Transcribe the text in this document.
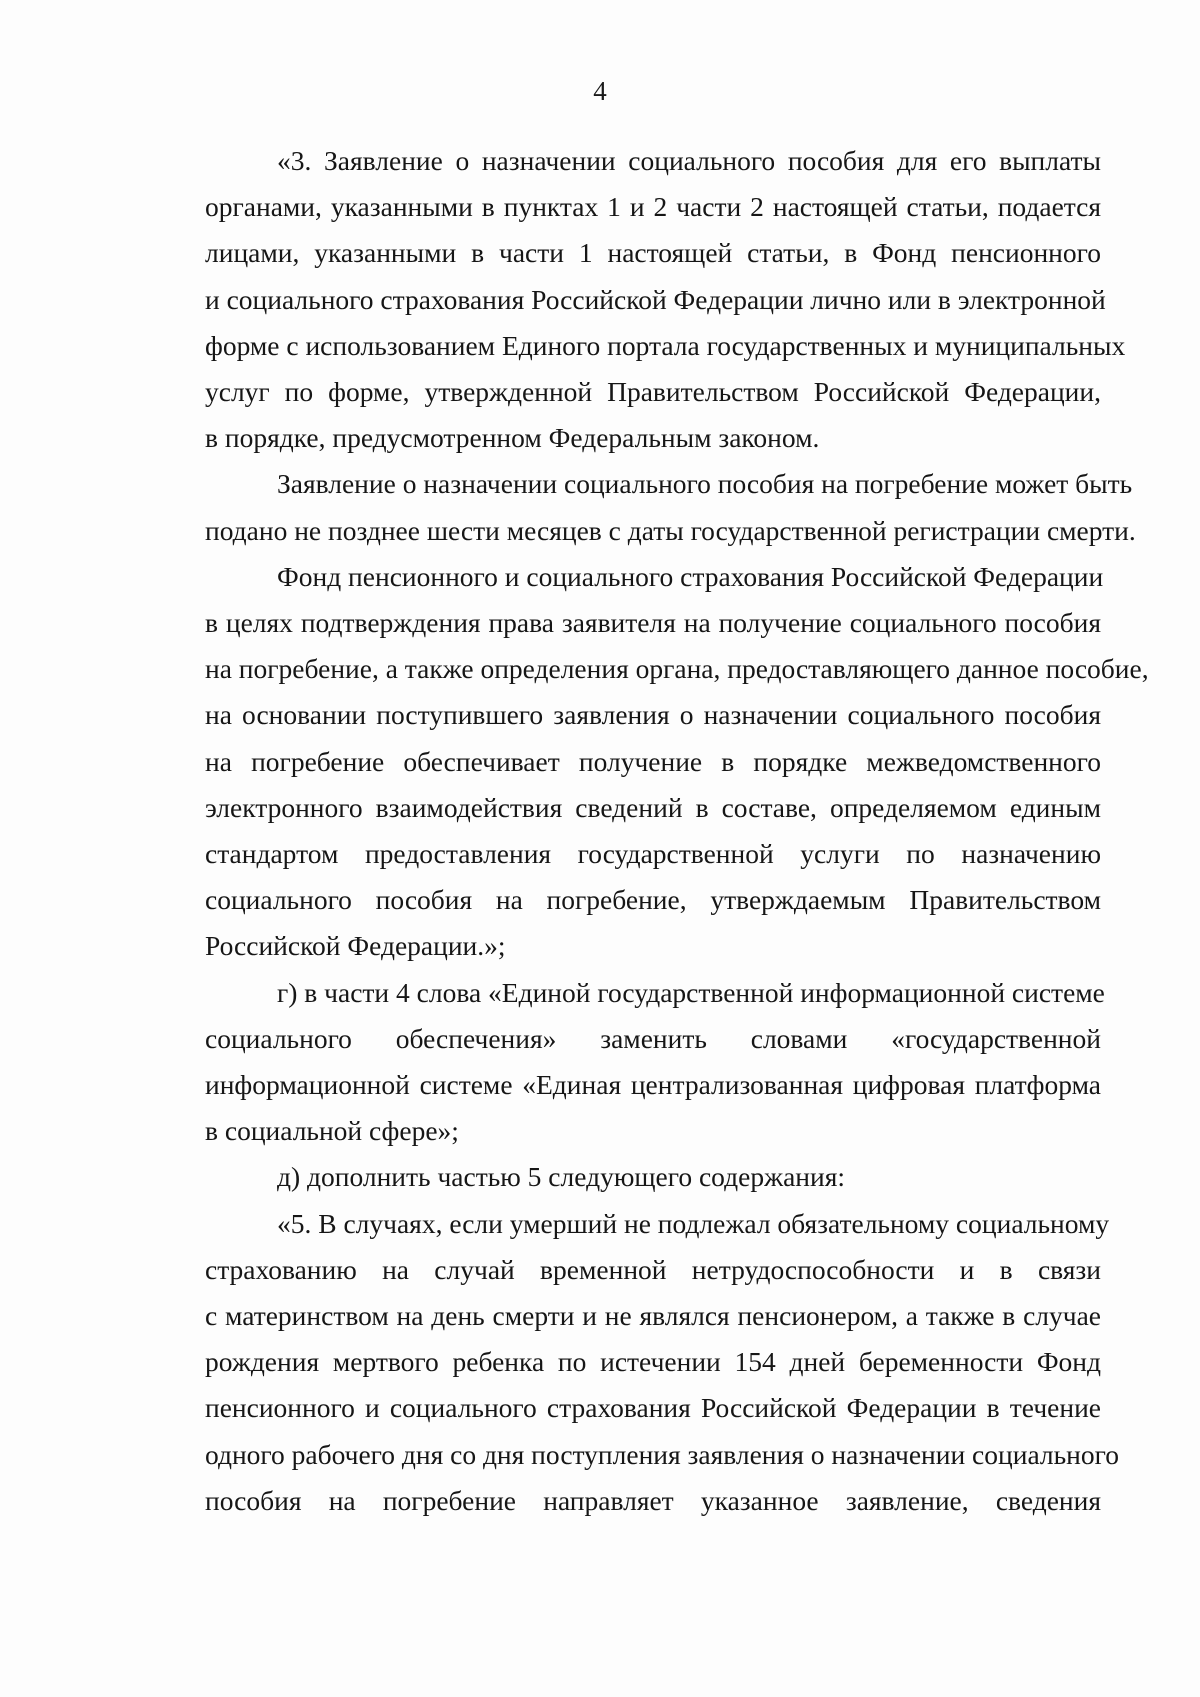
4
«3. Заявление о назначении социального пособия для его выплаты
органами, указанными в пунктах 1 и 2 части 2 настоящей статьи, подается
лицами, указанными в части 1 настоящей статьи, в Фонд пенсионного
и социального страхования Российской Федерации лично или в электронной
форме с использованием Единого портала государственных и муниципальных
услуг по форме, утвержденной Правительством Российской Федерации,
в порядке, предусмотренном Федеральным законом.
Заявление о назначении социального пособия на погребение может быть
подано не позднее шести месяцев с даты государственной регистрации смерти.
Фонд пенсионного и социального страхования Российской Федерации
в целях подтверждения права заявителя на получение социального пособия
на погребение, а также определения органа, предоставляющего данное пособие,
на основании поступившего заявления о назначении социального пособия
на погребение обеспечивает получение в порядке межведомственного
электронного взаимодействия сведений в составе, определяемом единым
стандартом предоставления государственной услуги по назначению
социального пособия на погребение, утверждаемым Правительством
Российской Федерации.»;
г) в части 4 слова «Единой государственной информационной системе
социального обеспечения» заменить словами «государственной
информационной системе «Единая централизованная цифровая платформа
в социальной сфере»;
д) дополнить частью 5 следующего содержания:
«5. В случаях, если умерший не подлежал обязательному социальному
страхованию на случай временной нетрудоспособности и в связи
с материнством на день смерти и не являлся пенсионером, а также в случае
рождения мертвого ребенка по истечении 154 дней беременности Фонд
пенсионного и социального страхования Российской Федерации в течение
одного рабочего дня со дня поступления заявления о назначении социального
пособия на погребение направляет указанное заявление, сведения
